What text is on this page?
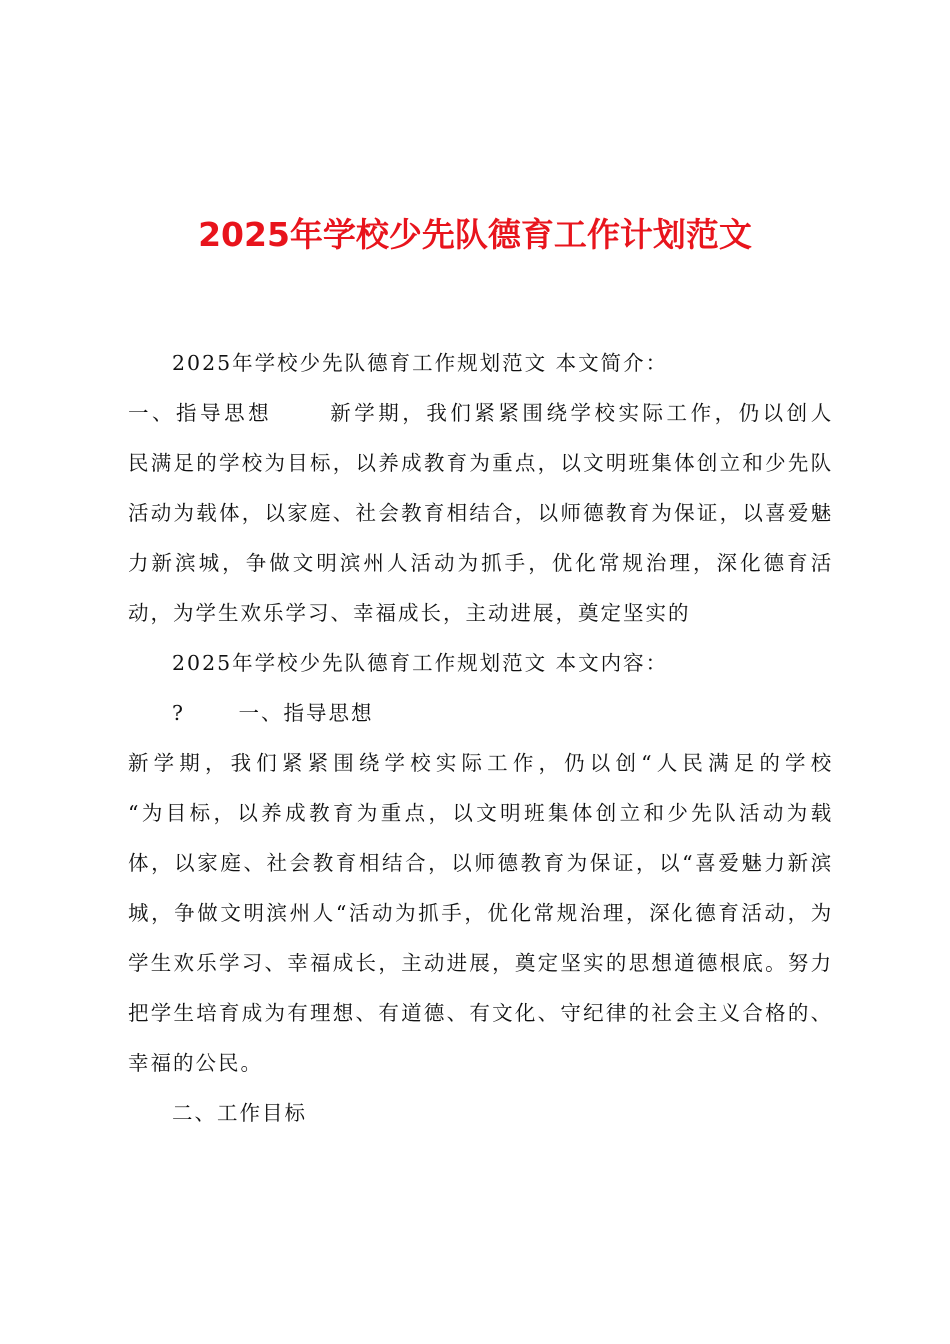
2025年学校少先队德育工作计划范文
2025年学校少先队德育工作规划范文 本文简介：
一、指导思想　　 新学期，我们紧紧围绕学校实际工作，仍以创人
民满足的学校为目标，以养成教育为重点，以文明班集体创立和少先队
活动为载体，以家庭、社会教育相结合，以师德教育为保证，以喜爱魅
力新滨城，争做文明滨州人活动为抓手，优化常规治理，深化德育活
动，为学生欢乐学习、幸福成长，主动进展，奠定坚实的
2025年学校少先队德育工作规划范文 本文内容：
?　　 一、指导思想
新学期，我们紧紧围绕学校实际工作，仍以创“人民满足的学校
“为目标，以养成教育为重点，以文明班集体创立和少先队活动为载
体，以家庭、社会教育相结合，以师德教育为保证，以“喜爱魅力新滨
城，争做文明滨州人“活动为抓手，优化常规治理，深化德育活动，为
学生欢乐学习、幸福成长，主动进展，奠定坚实的思想道德根底。努力
把学生培育成为有理想、有道德、有文化、守纪律的社会主义合格的、
幸福的公民。
二、工作目标
